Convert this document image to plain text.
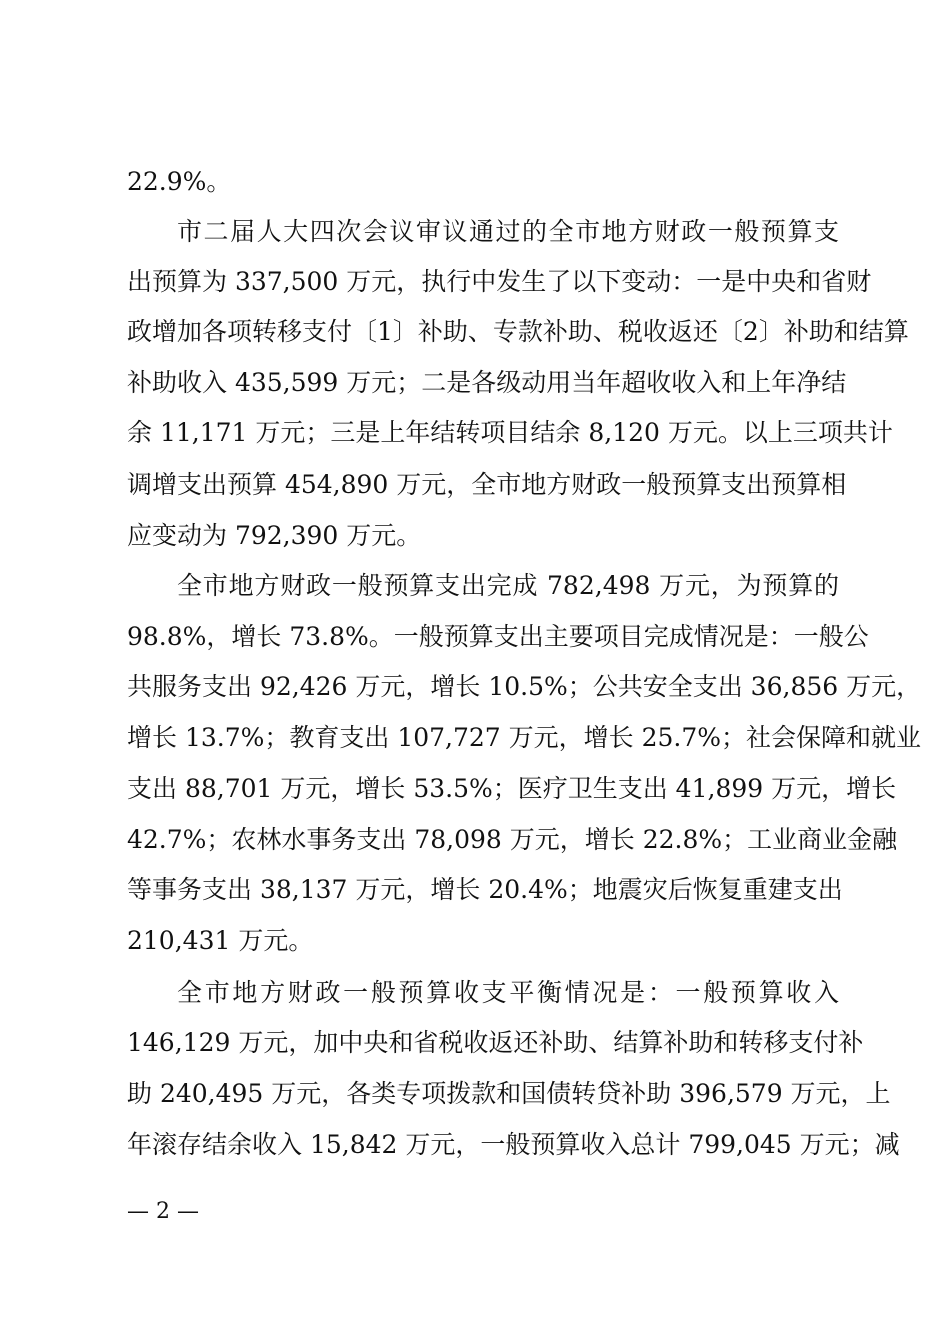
22.9%。
市二届人大四次会议审议通过的全市地方财政一般预算支
出预算为 337,500 万元，执行中发生了以下变动：一是中央和省财
政增加各项转移支付〔1〕补助、专款补助、税收返还〔2〕补助和结算
补助收入 435,599 万元；二是各级动用当年超收收入和上年净结
余 11,171 万元；三是上年结转项目结余 8,120 万元。以上三项共计
调增支出预算 454,890 万元，全市地方财政一般预算支出预算相
应变动为 792,390 万元。
全市地方财政一般预算支出完成 782,498 万元，为预算的
98.8%，增长 73.8%。一般预算支出主要项目完成情况是：一般公
共服务支出 92,426 万元，增长 10.5%；公共安全支出 36,856 万元，
增长 13.7%；教育支出 107,727 万元，增长 25.7%；社会保障和就业
支出 88,701 万元，增长 53.5%；医疗卫生支出 41,899 万元，增长
42.7%；农林水事务支出 78,098 万元，增长 22.8%；工业商业金融
等事务支出 38,137 万元，增长 20.4%；地震灾后恢复重建支出
210,431 万元。
全市地方财政一般预算收支平衡情况是：一般预算收入
146,129 万元，加中央和省税收返还补助、结算补助和转移支付补
助 240,495 万元，各类专项拨款和国债转贷补助 396,579 万元，上
年滚存结余收入 15,842 万元，一般预算收入总计 799,045 万元；减
— 2 —
